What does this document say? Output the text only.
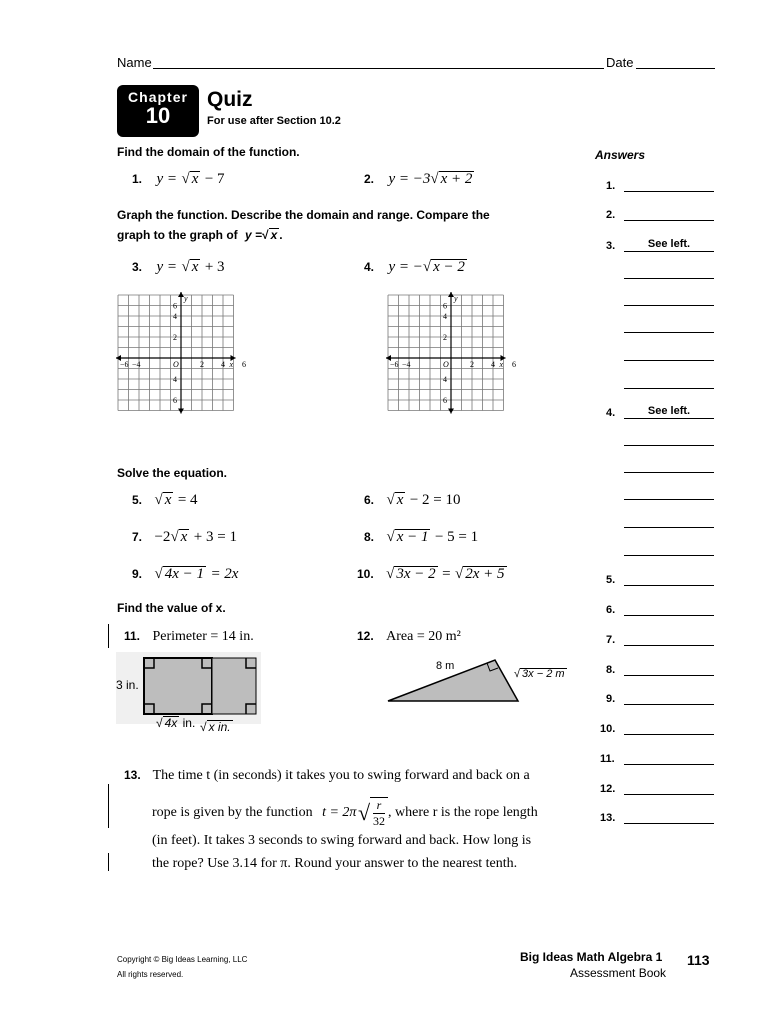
Name	Date
Chapter
10
Quiz
For use after Section 10.2
Find the domain of the function.
1. y = √ x − 7	2. y = −3√ x + 2
Graph the function. Describe the domain and range. Compare the
graph to the graph of y =√ x .
3. y = √ x + 3	4. y = −√ x − 2
y
x
O
6
4
2
4
6
−6 −4	2 4 6
y
x
O
6
4
2
4
6
−6 −4	2 4 6
Solve the equation.
5. √ x = 4	6. √ x − 2 = 10
7. −2√ x + 3 = 1	8. √ x − 1 − 5 = 1
9. √ 4x − 1 = 2x	10. √ 3x − 2 = √ 2x + 5
Find the value of x.
11. Perimeter = 14 in.	12. Area = 20 m²
3 in.
√ 4x in. √ x in.
8 m
√ 3x − 2 m
13. The time t (in seconds) it takes you to swing forward and back on a
rope is given by the function t = 2π √ $\frac{r}{32}$ , where r is the rope length
(in feet). It takes 3 seconds to swing forward and back. How long is
the rope? Use 3.14 for π. Round your answer to the nearest tenth.
Answers
1.
2.
3.	See left.
4.	See left.
5.
6.
7.
8.
9.
10.
11.
12.
13.
Copyright © Big Ideas Learning, LLC
All rights reserved.
Big Ideas Math Algebra 1
Assessment Book
113
